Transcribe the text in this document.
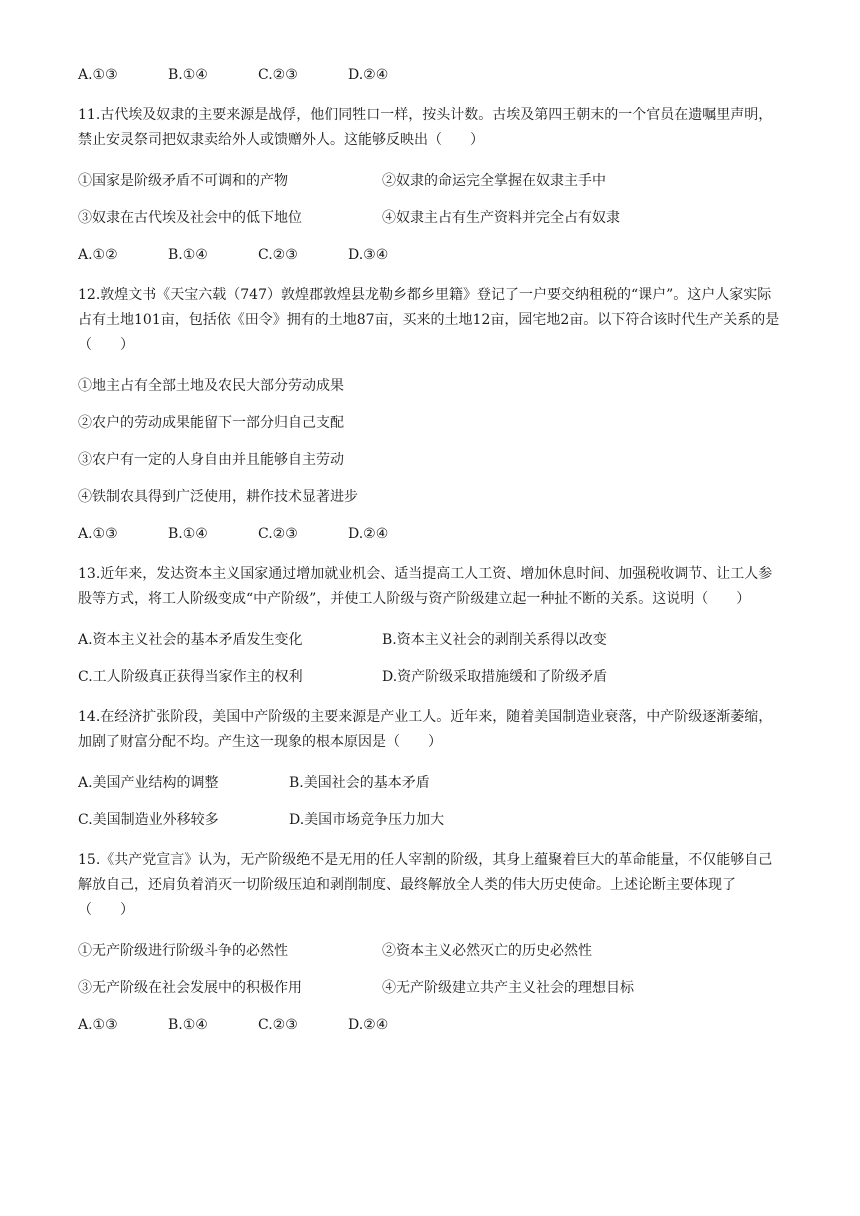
A.①③	B.①④	C.②③	D.②④

11.古代埃及奴隶的主要来源是战俘，他们同牲口一样，按头计数。古埃及第四王朝末的一个官员在遗嘱里声明，禁止安灵祭司把奴隶卖给外人或馈赠外人。这能够反映出（　　）

①国家是阶级矛盾不可调和的产物	②奴隶的命运完全掌握在奴隶主手中
③奴隶在古代埃及社会中的低下地位	④奴隶主占有生产资料并完全占有奴隶
A.①②	B.①④	C.②③	D.③④

12.敦煌文书《天宝六载（747）敦煌郡敦煌县龙勒乡都乡里籍》登记了一户要交纳租税的“课户”。这户人家实际占有土地101亩，包括依《田令》拥有的土地87亩，买来的土地12亩，园宅地2亩。以下符合该时代生产关系的是（　　）

①地主占有全部土地及农民大部分劳动成果
②农户的劳动成果能留下一部分归自己支配
③农户有一定的人身自由并且能够自主劳动
④铁制农具得到广泛使用，耕作技术显著进步
A.①③	B.①④	C.②③	D.②④

13.近年来，发达资本主义国家通过增加就业机会、适当提高工人工资、增加休息时间、加强税收调节、让工人参股等方式，将工人阶级变成“中产阶级”，并使工人阶级与资产阶级建立起一种扯不断的关系。这说明（　　）

A.资本主义社会的基本矛盾发生变化	B.资本主义社会的剥削关系得以改变
C.工人阶级真正获得当家作主的权利	D.资产阶级采取措施缓和了阶级矛盾

14.在经济扩张阶段，美国中产阶级的主要来源是产业工人。近年来，随着美国制造业衰落，中产阶级逐渐萎缩，加剧了财富分配不均。产生这一现象的根本原因是（　　）

A.美国产业结构的调整	B.美国社会的基本矛盾
C.美国制造业外移较多	D.美国市场竞争压力加大

15.《共产党宣言》认为，无产阶级绝不是无用的任人宰割的阶级，其身上蕴聚着巨大的革命能量，不仅能够自己解放自己，还肩负着消灭一切阶级压迫和剥削制度、最终解放全人类的伟大历史使命。上述论断主要体现了（　　）

①无产阶级进行阶级斗争的必然性	②资本主义必然灭亡的历史必然性
③无产阶级在社会发展中的积极作用	④无产阶级建立共产主义社会的理想目标
A.①③	B.①④	C.②③	D.②④
